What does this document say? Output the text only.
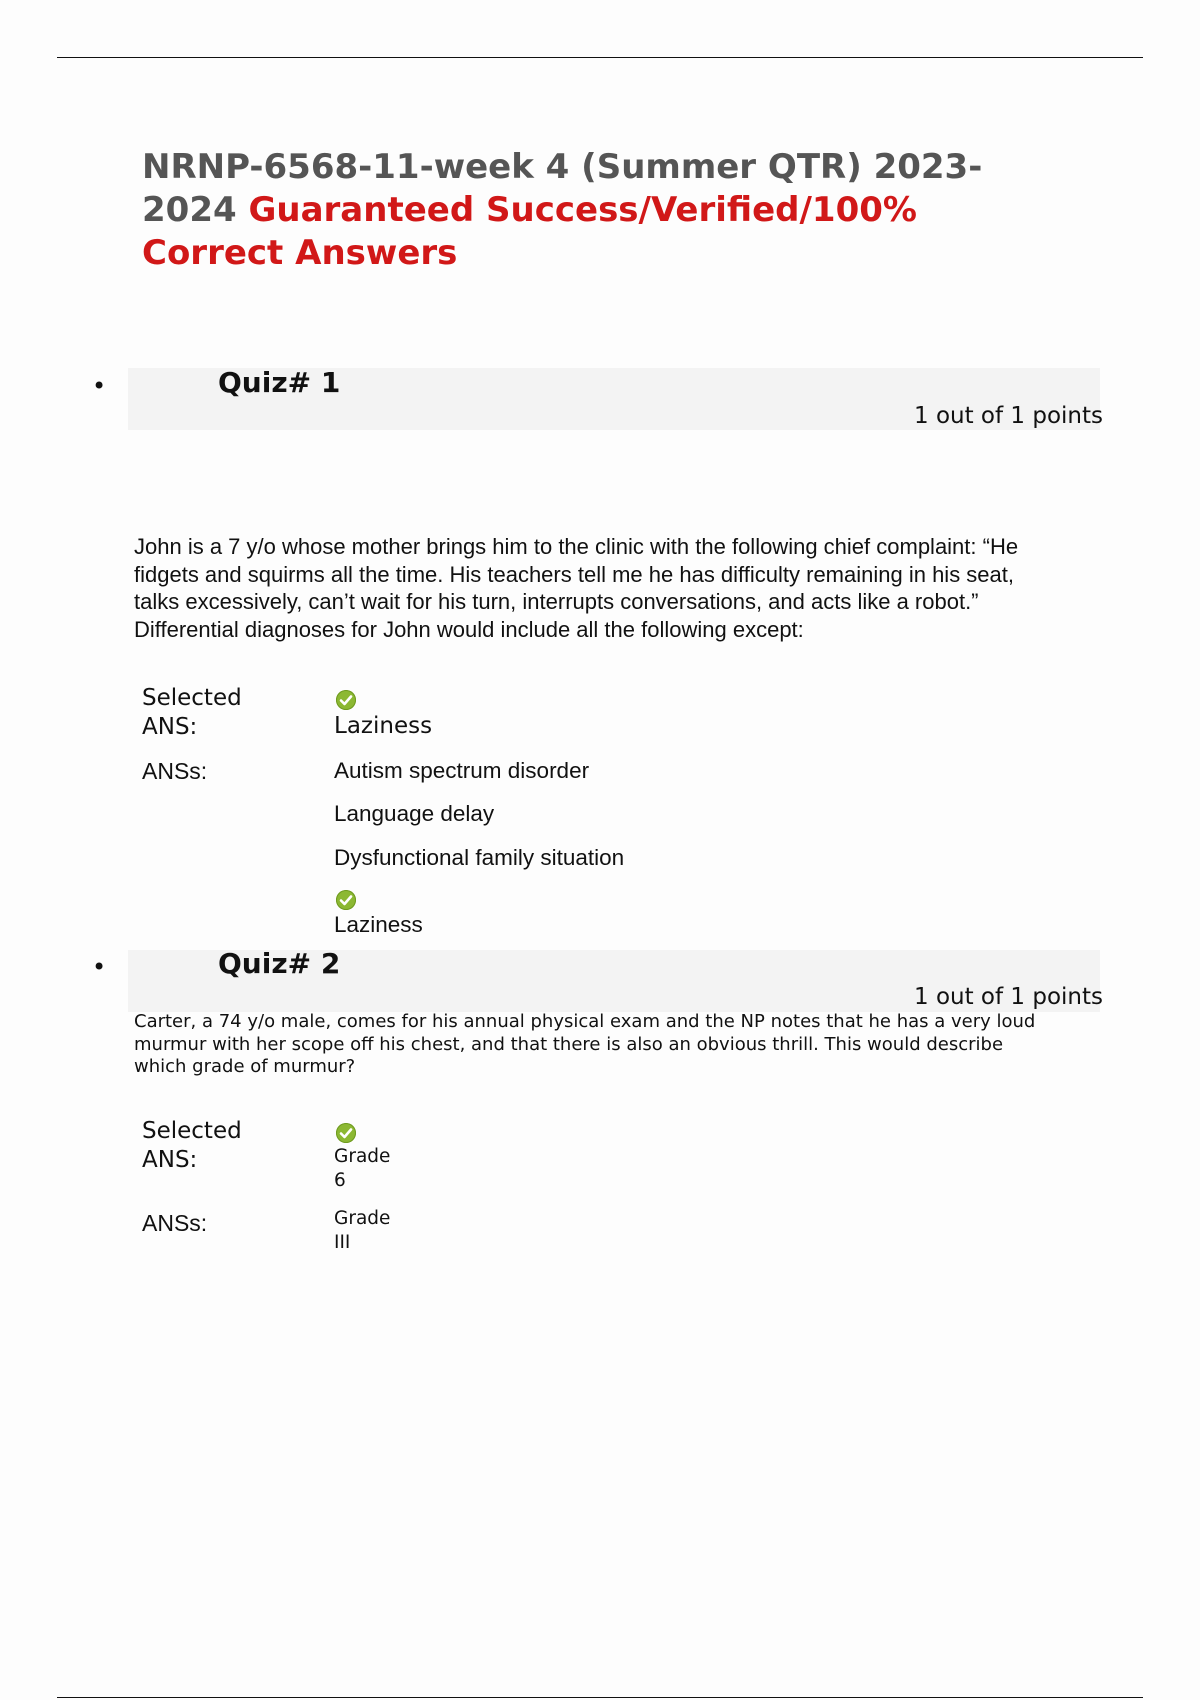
NRNP-6568-11-week 4 (Summer QTR) 2023-2024 Guaranteed Success/Verified/100% Correct Answers
•	Quiz# 1
1 out of 1 points

John is a 7 y/o whose mother brings him to the clinic with the following chief complaint: “He fidgets and squirms all the time. His teachers tell me he has difficulty remaining in his seat, talks excessively, can’t wait for his turn, interrupts conversations, and acts like a robot.” Differential diagnoses for John would include all the following except:

Selected ANS:	Laziness
ANSs:	Autism spectrum disorder
Language delay
Dysfunctional family situation
Laziness
•	Quiz# 2
1 out of 1 points

Carter, a 74 y/o male, comes for his annual physical exam and the NP notes that he has a very loud murmur with her scope off his chest, and that there is also an obvious thrill. This would describe which grade of murmur?

Selected ANS:	Grade 6
ANSs:	Grade III
